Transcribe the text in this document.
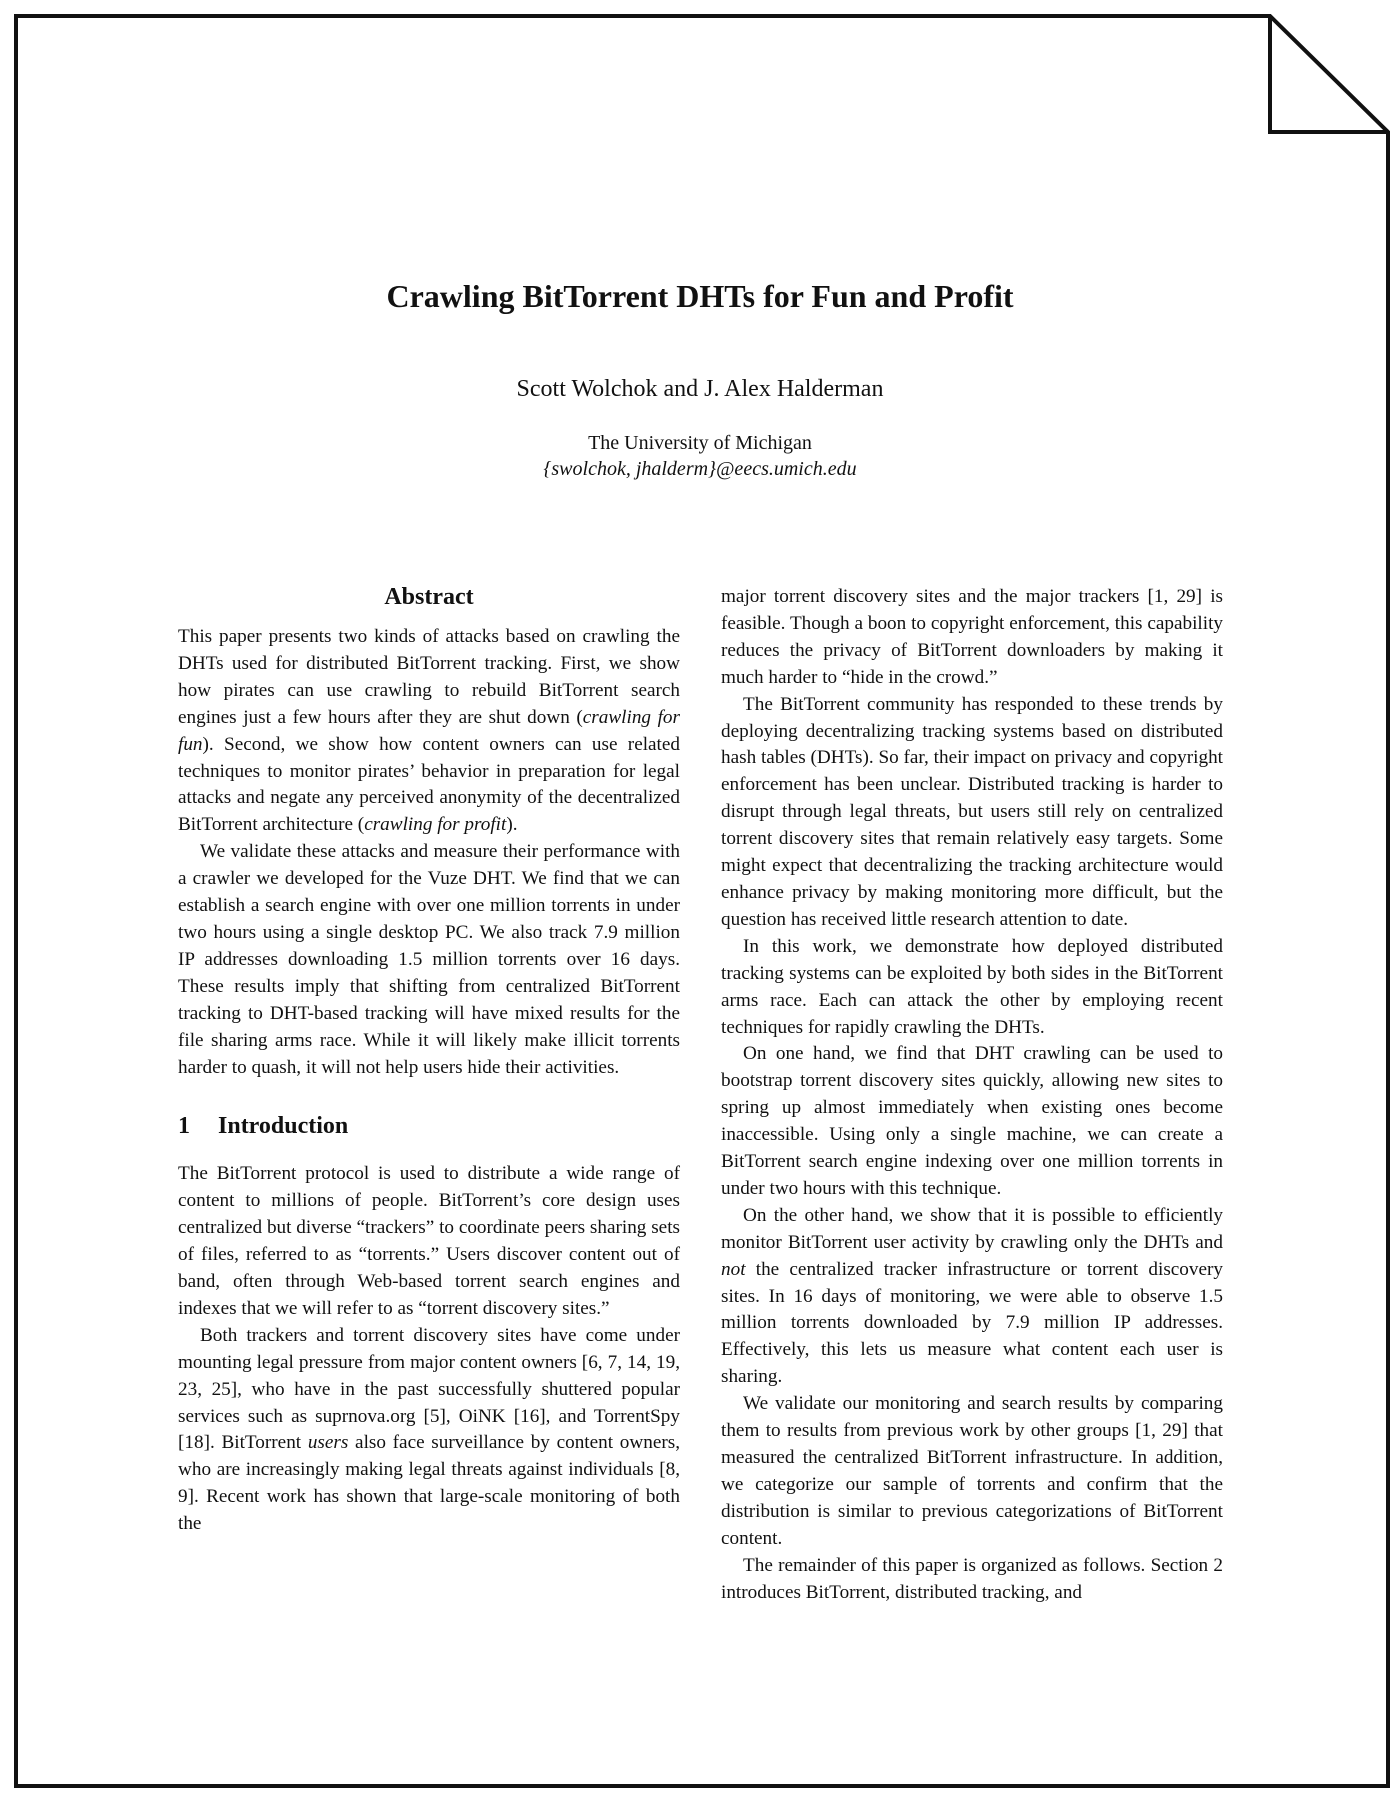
Crawling BitTorrent DHTs for Fun and Profit
Scott Wolchok and J. Alex Halderman
The University of Michigan
{swolchok, jhalderm}@eecs.umich.edu
Abstract

This paper presents two kinds of attacks based on crawling the DHTs used for distributed BitTorrent tracking. First, we show how pirates can use crawling to rebuild BitTorrent search engines just a few hours after they are shut down (crawling for fun). Second, we show how content owners can use related techniques to monitor pirates’ behavior in preparation for legal attacks and negate any perceived anonymity of the decentralized BitTorrent architecture (crawling for profit).

We validate these attacks and measure their performance with a crawler we developed for the Vuze DHT. We find that we can establish a search engine with over one million torrents in under two hours using a single desktop PC. We also track 7.9 million IP addresses downloading 1.5 million torrents over 16 days. These results imply that shifting from centralized BitTorrent tracking to DHT-based tracking will have mixed results for the file sharing arms race. While it will likely make illicit torrents harder to quash, it will not help users hide their activities.

1 Introduction

The BitTorrent protocol is used to distribute a wide range of content to millions of people. BitTorrent’s core design uses centralized but diverse “trackers” to coordinate peers sharing sets of files, referred to as “torrents.” Users discover content out of band, often through Web-based torrent search engines and indexes that we will refer to as “torrent discovery sites.”

Both trackers and torrent discovery sites have come under mounting legal pressure from major content owners [6, 7, 14, 19, 23, 25], who have in the past successfully shuttered popular services such as suprnova.org [5], OiNK [16], and TorrentSpy [18]. BitTorrent users also face surveillance by content owners, who are increasingly making legal threats against individuals [8, 9]. Recent work has shown that large-scale monitoring of both the

major torrent discovery sites and the major trackers [1, 29] is feasible. Though a boon to copyright enforcement, this capability reduces the privacy of BitTorrent downloaders by making it much harder to “hide in the crowd.”

The BitTorrent community has responded to these trends by deploying decentralizing tracking systems based on distributed hash tables (DHTs). So far, their impact on privacy and copyright enforcement has been unclear. Distributed tracking is harder to disrupt through legal threats, but users still rely on centralized torrent discovery sites that remain relatively easy targets. Some might expect that decentralizing the tracking architecture would enhance privacy by making monitoring more difficult, but the question has received little research attention to date.

In this work, we demonstrate how deployed distributed tracking systems can be exploited by both sides in the BitTorrent arms race. Each can attack the other by employing recent techniques for rapidly crawling the DHTs.

On one hand, we find that DHT crawling can be used to bootstrap torrent discovery sites quickly, allowing new sites to spring up almost immediately when existing ones become inaccessible. Using only a single machine, we can create a BitTorrent search engine indexing over one million torrents in under two hours with this technique.

On the other hand, we show that it is possible to efficiently monitor BitTorrent user activity by crawling only the DHTs and not the centralized tracker infrastructure or torrent discovery sites. In 16 days of monitoring, we were able to observe 1.5 million torrents downloaded by 7.9 million IP addresses. Effectively, this lets us measure what content each user is sharing.

We validate our monitoring and search results by comparing them to results from previous work by other groups [1, 29] that measured the centralized BitTorrent infrastructure. In addition, we categorize our sample of torrents and confirm that the distribution is similar to previous categorizations of BitTorrent content.

The remainder of this paper is organized as follows. Section 2 introduces BitTorrent, distributed tracking, and
